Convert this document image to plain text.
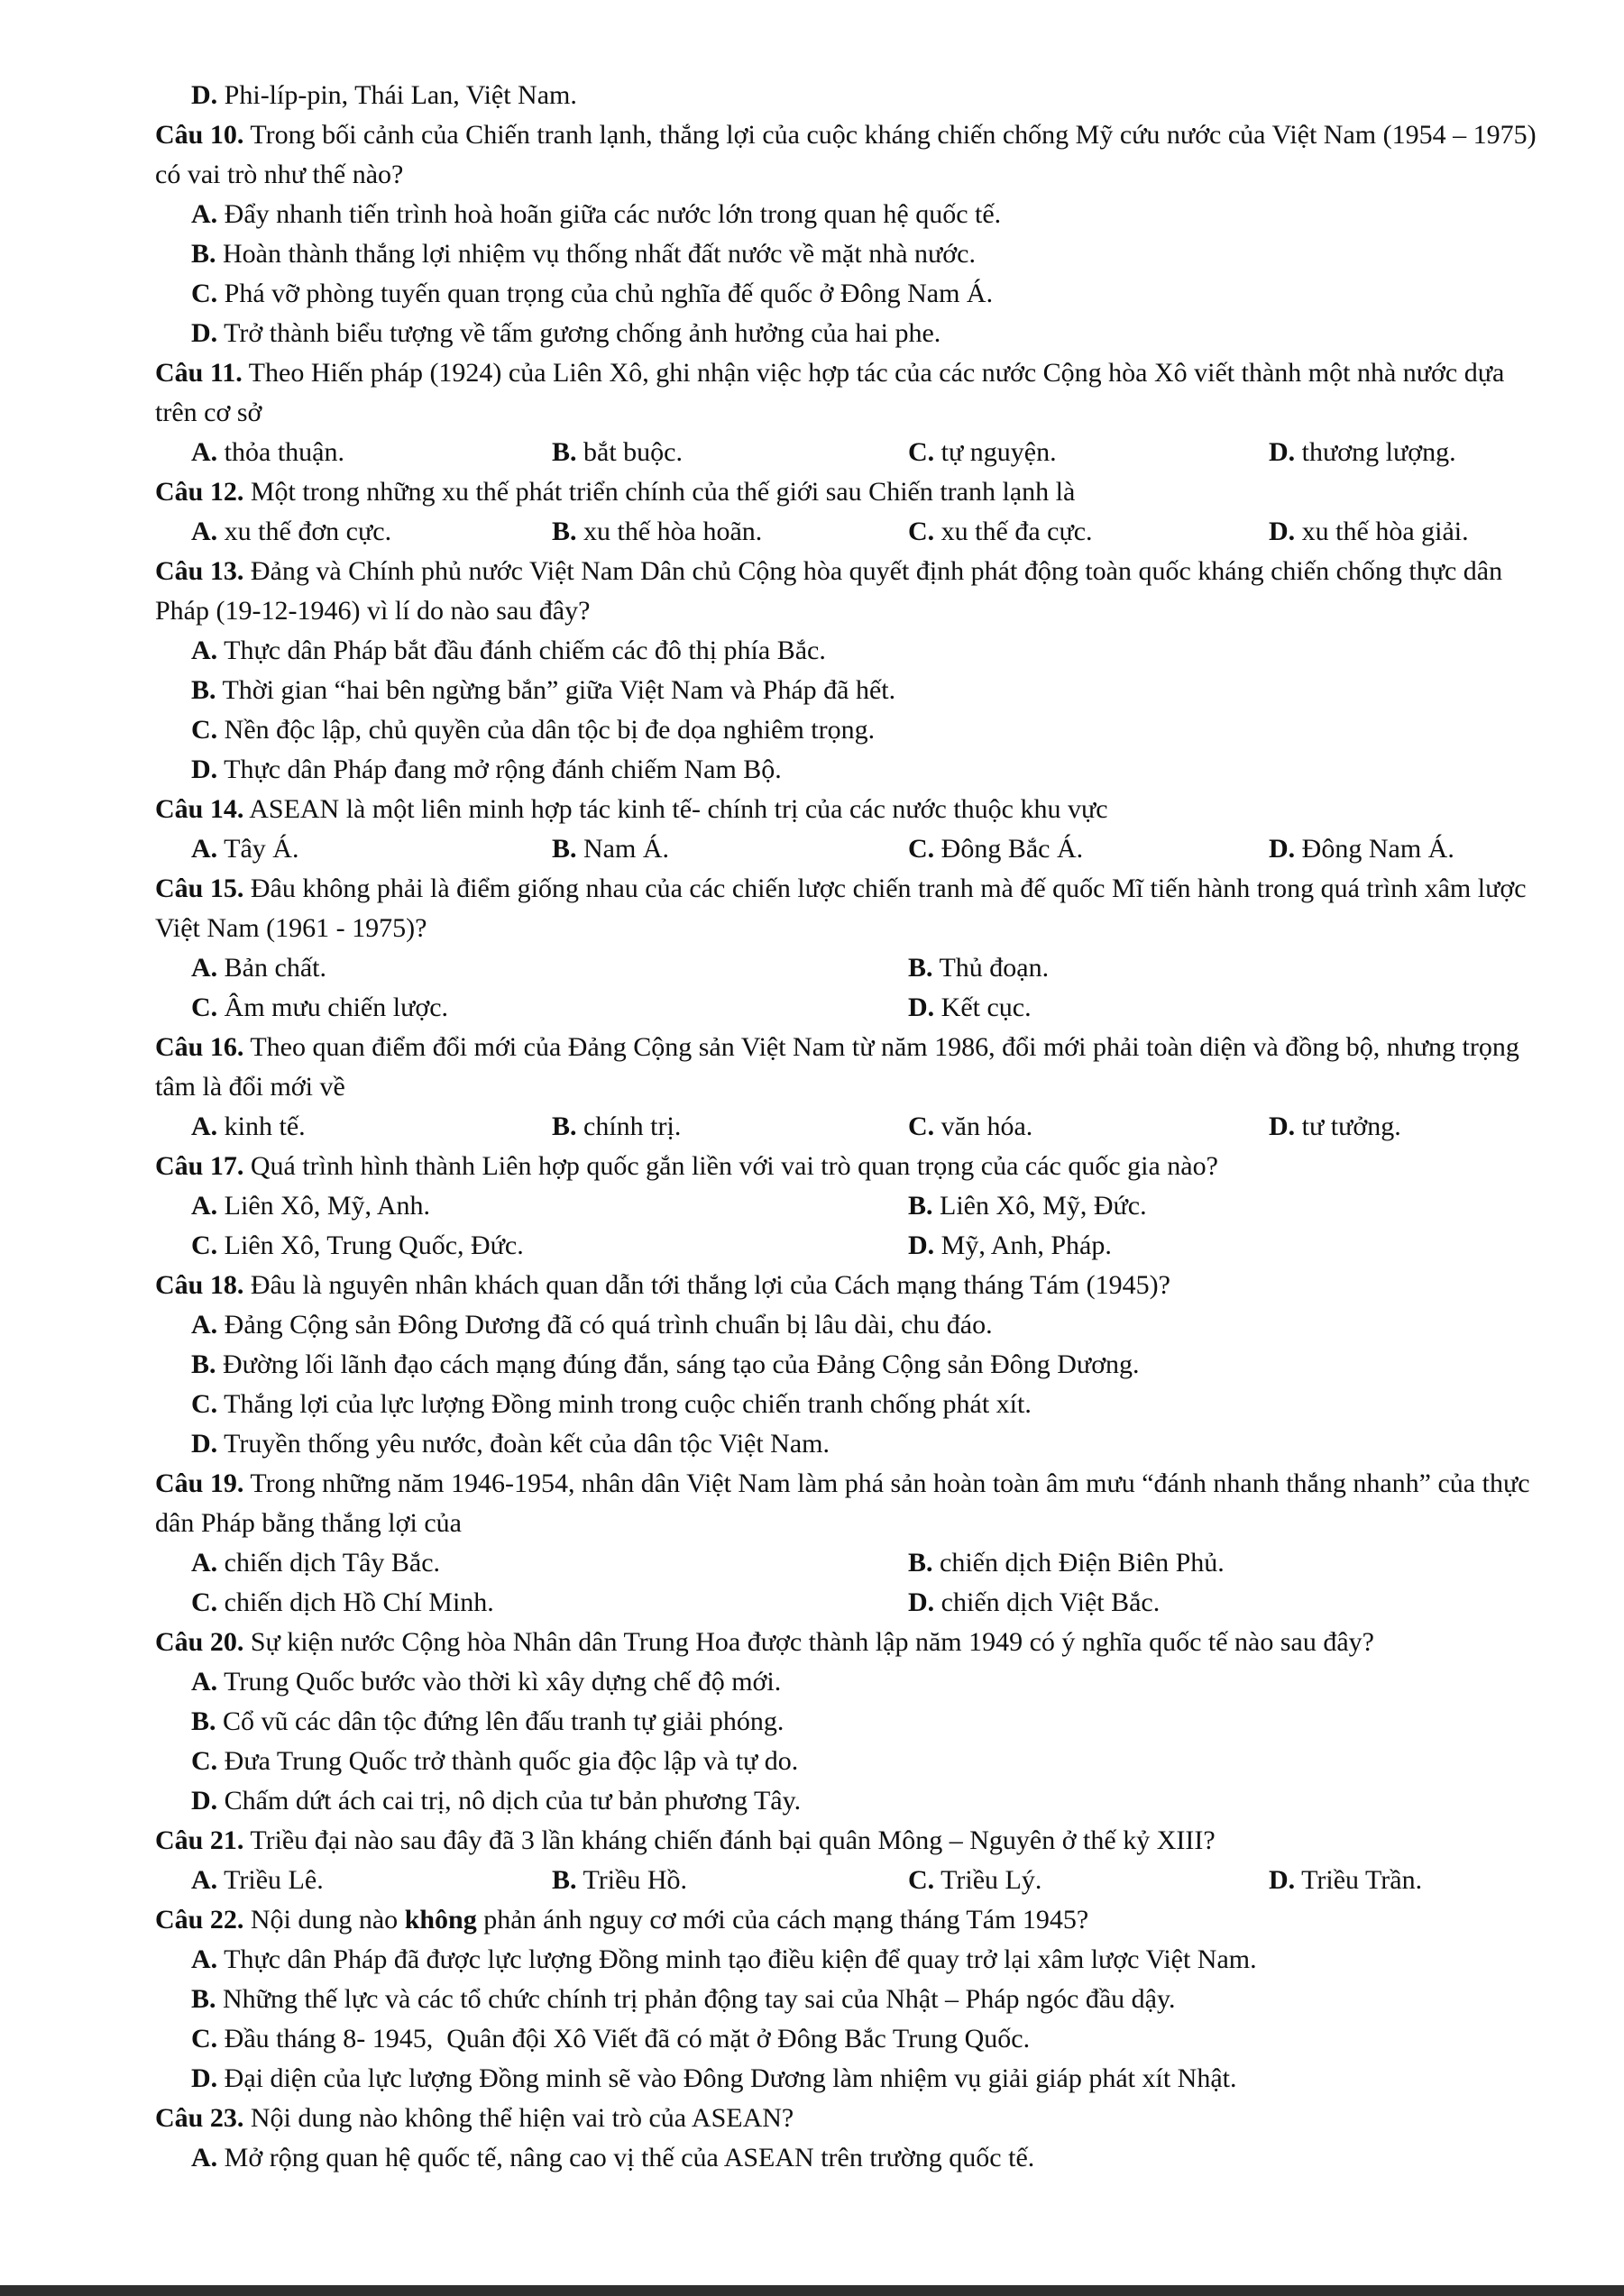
D. Phi-líp-pin, Thái Lan, Việt Nam.

Câu 10. Trong bối cảnh của Chiến tranh lạnh, thắng lợi của cuộc kháng chiến chống Mỹ cứu nước của Việt Nam (1954 – 1975) có vai trò như thế nào?

A. Đẩy nhanh tiến trình hoà hoãn giữa các nước lớn trong quan hệ quốc tế.
B. Hoàn thành thắng lợi nhiệm vụ thống nhất đất nước về mặt nhà nước.
C. Phá vỡ phòng tuyến quan trọng của chủ nghĩa đế quốc ở Đông Nam Á.
D. Trở thành biểu tượng về tấm gương chống ảnh hưởng của hai phe.

Câu 11. Theo Hiến pháp (1924) của Liên Xô, ghi nhận việc hợp tác của các nước Cộng hòa Xô viết thành một nhà nước dựa trên cơ sở

A. thỏa thuận.	B. bắt buộc.	C. tự nguyện.	D. thương lượng.

Câu 12. Một trong những xu thế phát triển chính của thế giới sau Chiến tranh lạnh là

A. xu thế đơn cực.	B. xu thế hòa hoãn.	C. xu thế đa cực.	D. xu thế hòa giải.

Câu 13. Đảng và Chính phủ nước Việt Nam Dân chủ Cộng hòa quyết định phát động toàn quốc kháng chiến chống thực dân Pháp (19-12-1946) vì lí do nào sau đây?

A. Thực dân Pháp bắt đầu đánh chiếm các đô thị phía Bắc.
B. Thời gian “hai bên ngừng bắn” giữa Việt Nam và Pháp đã hết.
C. Nền độc lập, chủ quyền của dân tộc bị đe dọa nghiêm trọng.
D. Thực dân Pháp đang mở rộng đánh chiếm Nam Bộ.

Câu 14. ASEAN là một liên minh hợp tác kinh tế- chính trị của các nước thuộc khu vực

A. Tây Á.	B. Nam Á.	C. Đông Bắc Á.	D. Đông Nam Á.

Câu 15. Đâu không phải là điểm giống nhau của các chiến lược chiến tranh mà đế quốc Mĩ tiến hành trong quá trình xâm lược Việt Nam (1961 - 1975)?

A. Bản chất.	B. Thủ đoạn.
C. Âm mưu chiến lược.	D. Kết cục.

Câu 16. Theo quan điểm đổi mới của Đảng Cộng sản Việt Nam từ năm 1986, đổi mới phải toàn diện và đồng bộ, nhưng trọng tâm là đổi mới về

A. kinh tế.	B. chính trị.	C. văn hóa.	D. tư tưởng.

Câu 17. Quá trình hình thành Liên hợp quốc gắn liền với vai trò quan trọng của các quốc gia nào?

A. Liên Xô, Mỹ, Anh.	B. Liên Xô, Mỹ, Đức.
C. Liên Xô, Trung Quốc, Đức.	D. Mỹ, Anh, Pháp.

Câu 18. Đâu là nguyên nhân khách quan dẫn tới thắng lợi của Cách mạng tháng Tám (1945)?

A. Đảng Cộng sản Đông Dương đã có quá trình chuẩn bị lâu dài, chu đáo.
B. Đường lối lãnh đạo cách mạng đúng đắn, sáng tạo của Đảng Cộng sản Đông Dương.
C. Thắng lợi của lực lượng Đồng minh trong cuộc chiến tranh chống phát xít.
D. Truyền thống yêu nước, đoàn kết của dân tộc Việt Nam.

Câu 19. Trong những năm 1946-1954, nhân dân Việt Nam làm phá sản hoàn toàn âm mưu “đánh nhanh thắng nhanh” của thực dân Pháp bằng thắng lợi của

A. chiến dịch Tây Bắc.	B. chiến dịch Điện Biên Phủ.
C. chiến dịch Hồ Chí Minh.	D. chiến dịch Việt Bắc.

Câu 20. Sự kiện nước Cộng hòa Nhân dân Trung Hoa được thành lập năm 1949 có ý nghĩa quốc tế nào sau đây?

A. Trung Quốc bước vào thời kì xây dựng chế độ mới.
B. Cổ vũ các dân tộc đứng lên đấu tranh tự giải phóng.
C. Đưa Trung Quốc trở thành quốc gia độc lập và tự do.
D. Chấm dứt ách cai trị, nô dịch của tư bản phương Tây.

Câu 21. Triều đại nào sau đây đã 3 lần kháng chiến đánh bại quân Mông – Nguyên ở thế kỷ XIII?

A. Triều Lê.	B. Triều Hồ.	C. Triều Lý.	D. Triều Trần.

Câu 22. Nội dung nào không phản ánh nguy cơ mới của cách mạng tháng Tám 1945?

A. Thực dân Pháp đã được lực lượng Đồng minh tạo điều kiện để quay trở lại xâm lược Việt Nam.
B. Những thế lực và các tổ chức chính trị phản động tay sai của Nhật – Pháp ngóc đầu dậy.
C. Đầu tháng 8- 1945,  Quân đội Xô Viết đã có mặt ở Đông Bắc Trung Quốc.
D. Đại diện của lực lượng Đồng minh sẽ vào Đông Dương làm nhiệm vụ giải giáp phát xít Nhật.

Câu 23. Nội dung nào không thể hiện vai trò của ASEAN?

A. Mở rộng quan hệ quốc tế, nâng cao vị thế của ASEAN trên trường quốc tế.
